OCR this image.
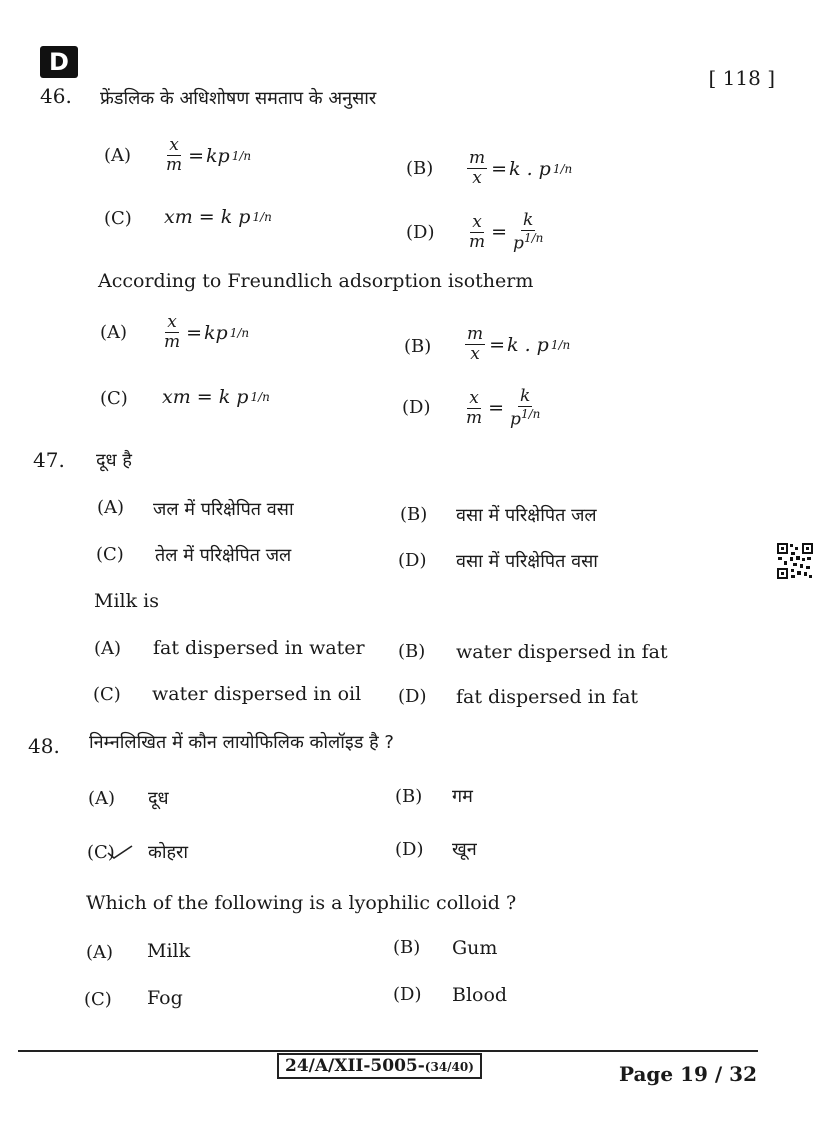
D
[ 118 ]
46. फ्रेंडलिक के अधिशोषण समताप के अनुसार
$(A) \frac{x}{m}$ = kp 1/n
$(B) \frac{m}{x} = k$ . p 1/n
(C) xm = k p 1/n
$(D) \frac{x}{m} = \frac{k}{p^{1/n}}$
According to Freundlich adsorption isotherm
$(A) \frac{x}{m}$ = kp 1/n
$(B) \frac{m}{x} = k$ . p 1/n
(C) xm = k p 1/n	$(D) \frac{x}{m} = \frac{k}{p^{1/n}}$
47. दूध है
(A) जल में परिक्षेपित वसा	(B) वसा में परिक्षेपित जल
(C) तेल में परिक्षेपित जल	(D) वसा में परिक्षेपित वसा
Milk is
(A) fat dispersed in water (B) water dispersed in fat
(C) water dispersed in oil (D) fat dispersed in fat
48. निम्नलिखित में कौन लायोफिलिक कोलॉइड है ?
(A) दूध	(B) गम
(C) कोहरा	(D) खून
Which of the following is a lyophilic colloid ?
(A) Milk	(B) Gum
(C) Fog	(D) Blood
24/A/XII-5005-(34/40)	Page 19 / 32
